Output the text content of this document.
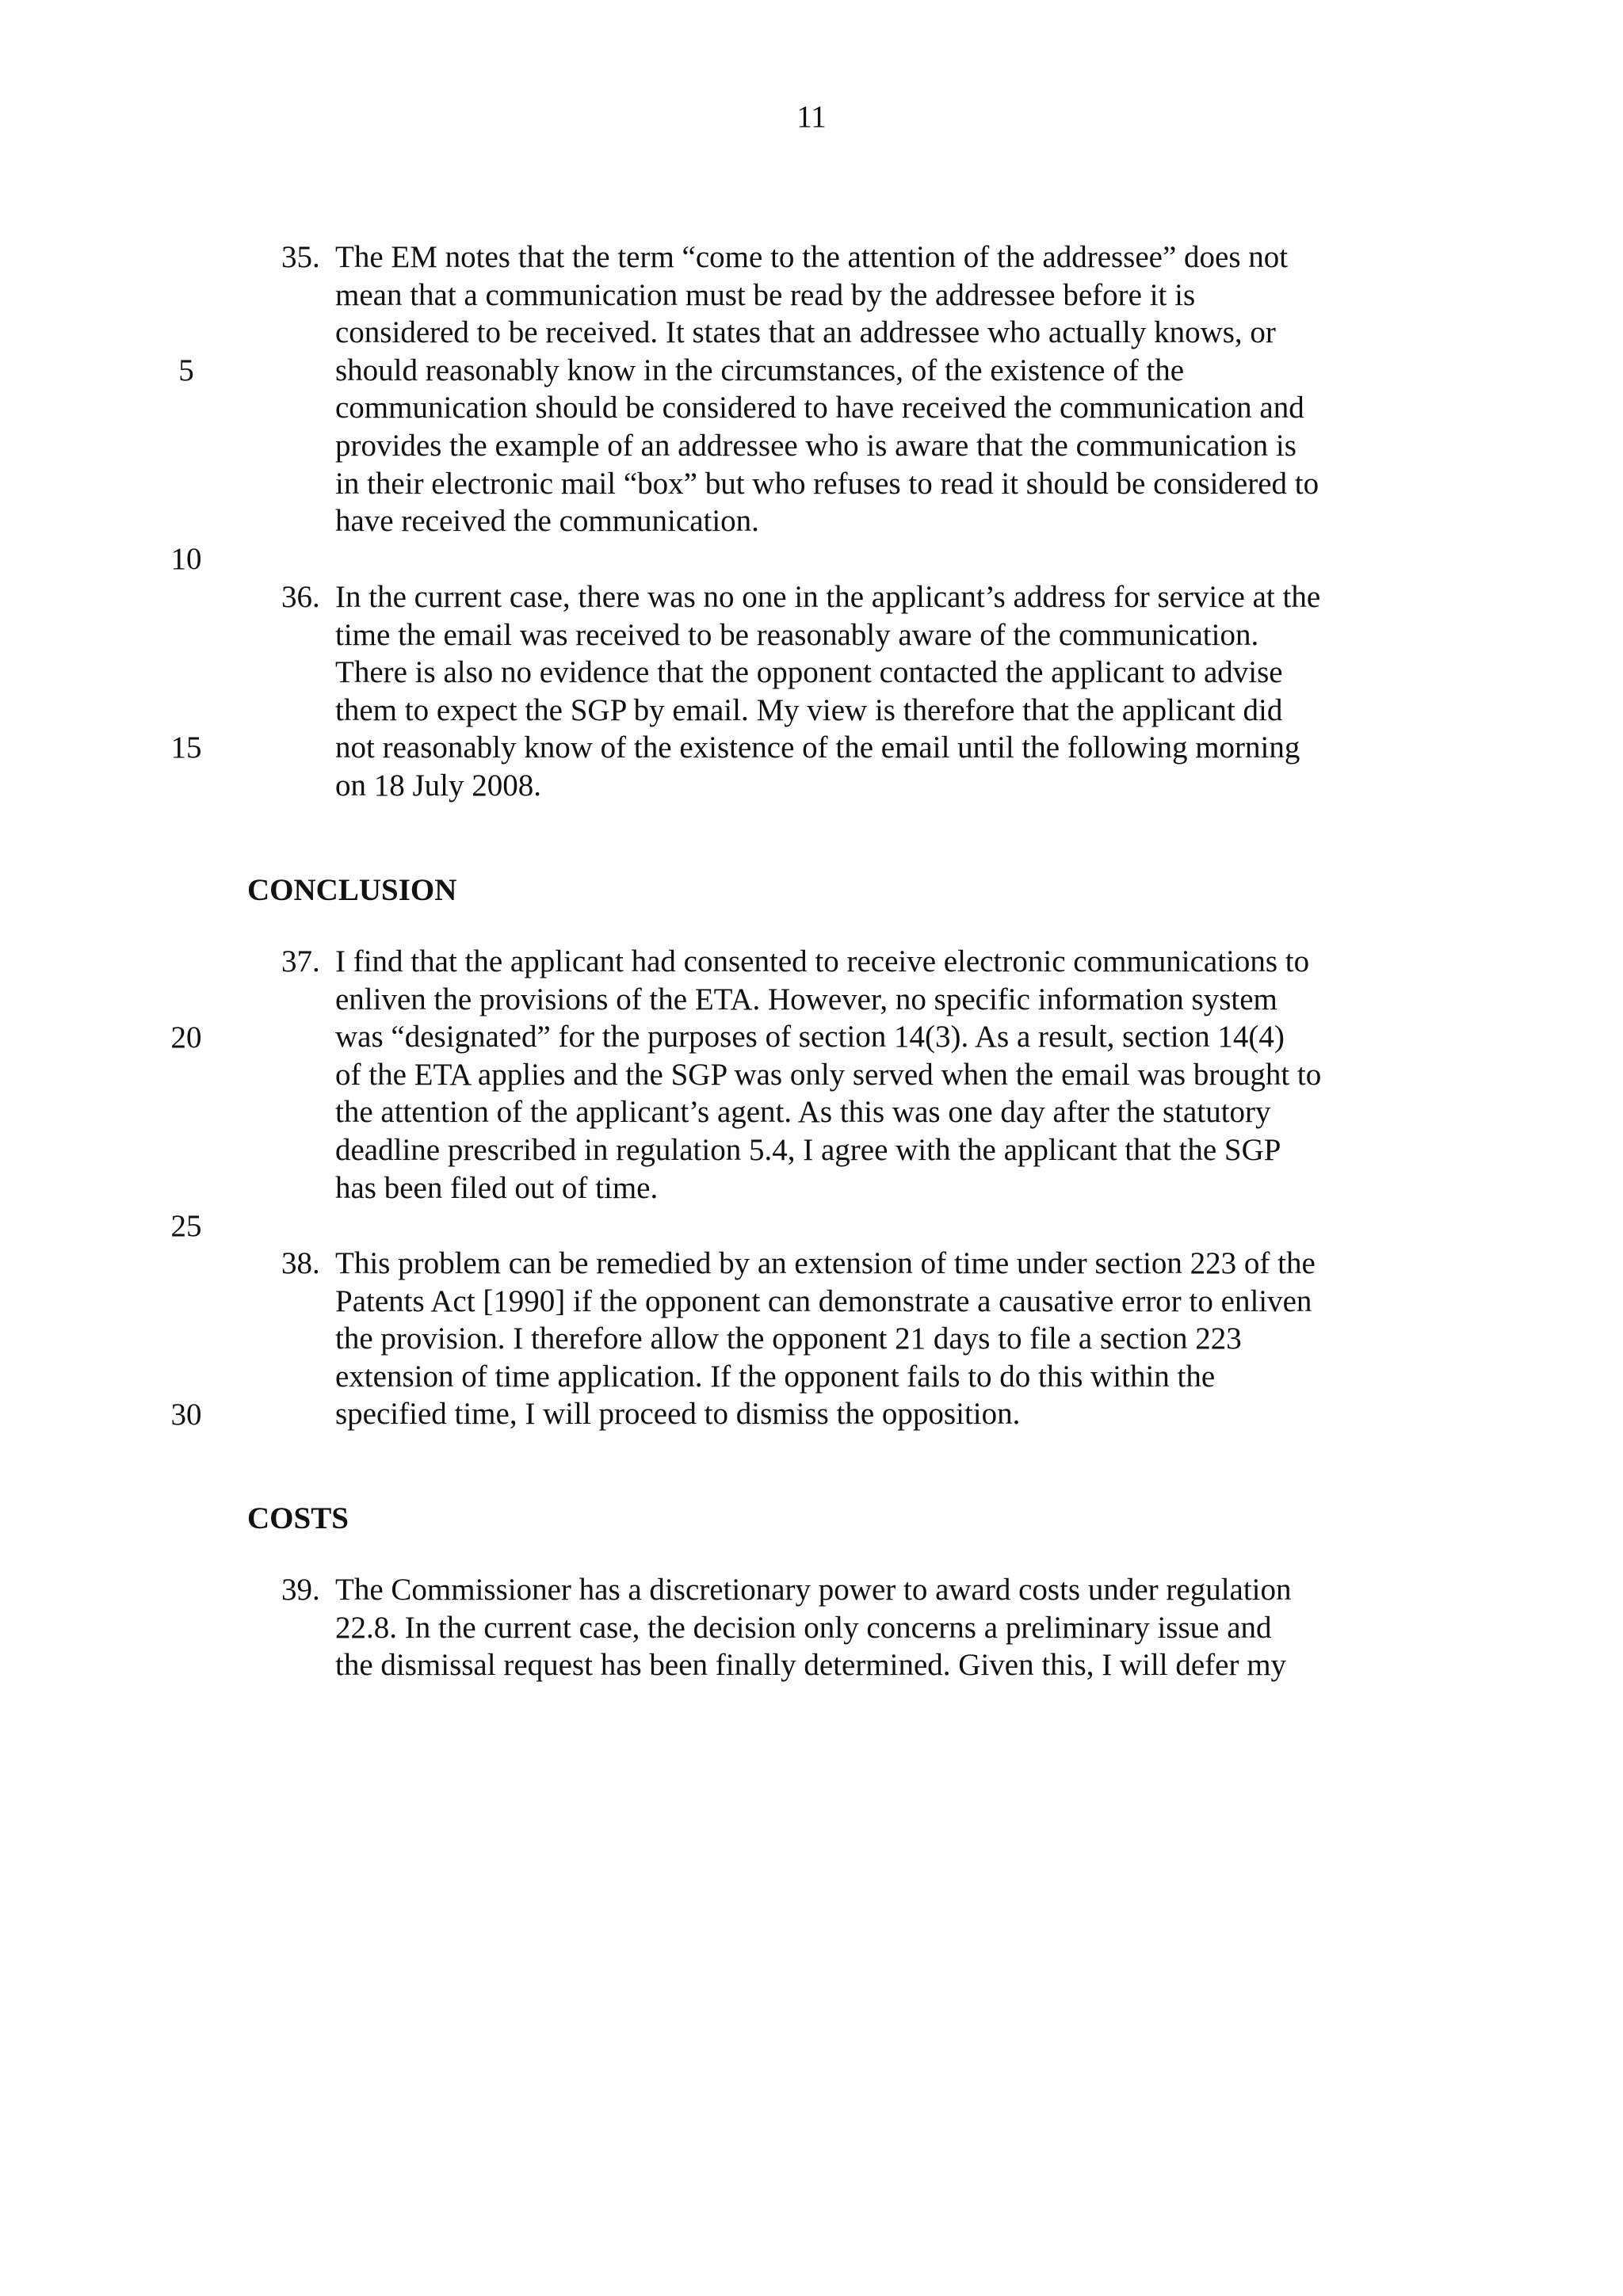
11
5
10
15
20
25
30
35. The EM notes that the term “come to the attention of the addressee” does not
mean that a communication must be read by the addressee before it is
considered to be received. It states that an addressee who actually knows, or
should reasonably know in the circumstances, of the existence of the
communication should be considered to have received the communication and
provides the example of an addressee who is aware that the communication is
in their electronic mail “box” but who refuses to read it should be considered to
have received the communication.
36. In the current case, there was no one in the applicant’s address for service at the
time the email was received to be reasonably aware of the communication.
There is also no evidence that the opponent contacted the applicant to advise
them to expect the SGP by email. My view is therefore that the applicant did
not reasonably know of the existence of the email until the following morning
on 18 July 2008.
CONCLUSION
37. I find that the applicant had consented to receive electronic communications to
enliven the provisions of the ETA. However, no specific information system
was “designated” for the purposes of section 14(3). As a result, section 14(4)
of the ETA applies and the SGP was only served when the email was brought to
the attention of the applicant’s agent. As this was one day after the statutory
deadline prescribed in regulation 5.4, I agree with the applicant that the SGP
has been filed out of time.
38. This problem can be remedied by an extension of time under section 223 of the
Patents Act [1990] if the opponent can demonstrate a causative error to enliven
the provision. I therefore allow the opponent 21 days to file a section 223
extension of time application. If the opponent fails to do this within the
specified time, I will proceed to dismiss the opposition.
COSTS
39. The Commissioner has a discretionary power to award costs under regulation
22.8. In the current case, the decision only concerns a preliminary issue and
the dismissal request has been finally determined. Given this, I will defer my
